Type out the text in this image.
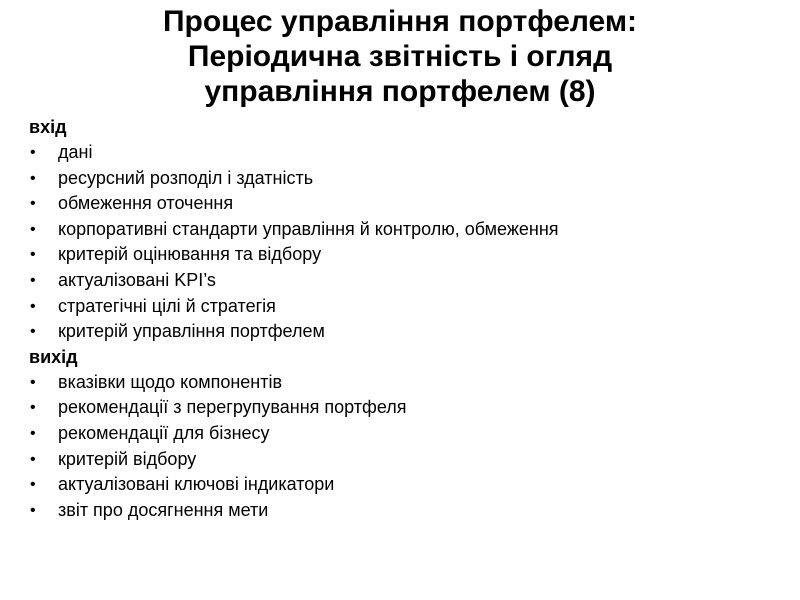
Процес управління портфелем:
Періодична звітність і огляд
управління портфелем (8)
вхід
• дані
• ресурсний розподіл і здатність
• обмеження оточення
• корпоративні стандарти управління й контролю, обмеження
• критерій оцінювання та відбору
• актуалізовані KPI’s
• стратегічні цілі й стратегія
• критерій управління портфелем
вихід
• вказівки щодо компонентів
• рекомендації з перегрупування портфеля
• рекомендації для бізнесу
• критерій відбору
• актуалізовані ключові індикатори
• звіт про досягнення мети
